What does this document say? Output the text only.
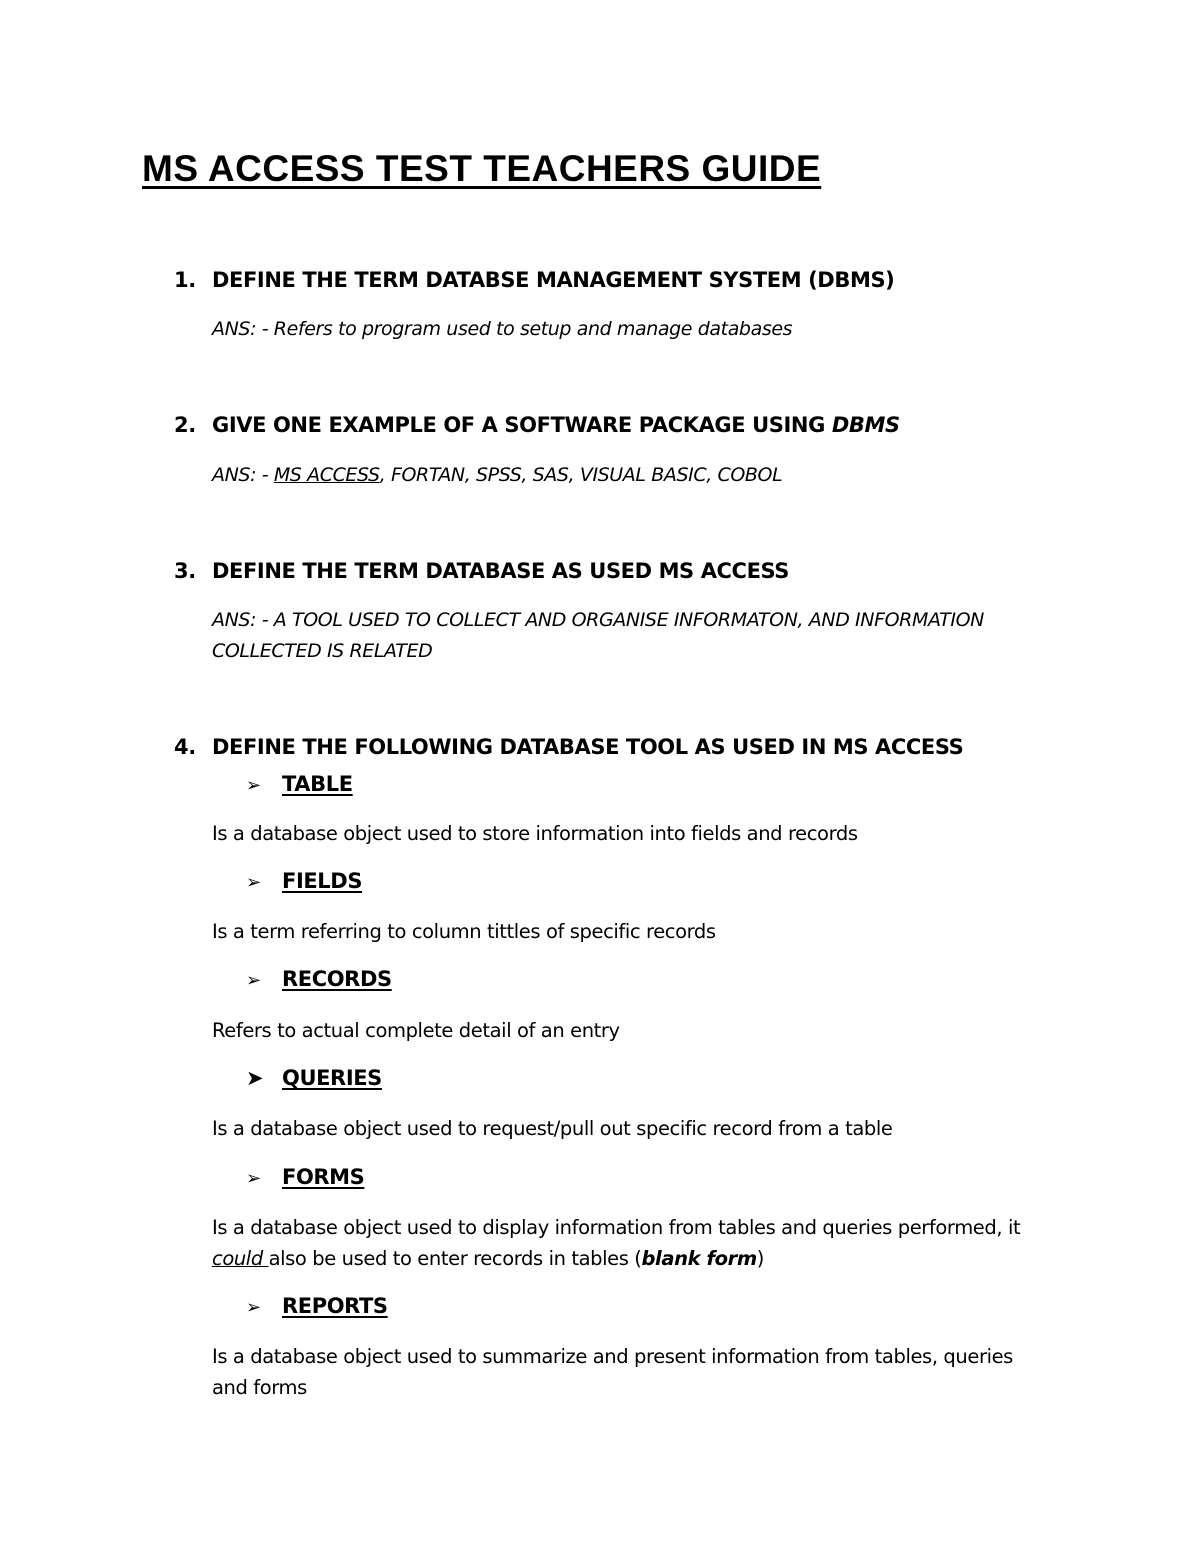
MS ACCESS TEST TEACHERS GUIDE
1. DEFINE THE TERM DATABSE MANAGEMENT SYSTEM (DBMS)
ANS: - Refers to program used to setup and manage databases
2. GIVE ONE EXAMPLE OF A SOFTWARE PACKAGE USING DBMS
ANS: - MS ACCESS, FORTAN, SPSS, SAS, VISUAL BASIC, COBOL
3. DEFINE THE TERM DATABASE AS USED MS ACCESS
ANS: - A TOOL USED TO COLLECT AND ORGANISE INFORMATON, AND INFORMATION COLLECTED IS RELATED
4. DEFINE THE FOLLOWING DATABASE TOOL AS USED IN MS ACCESS
➢ TABLE
Is a database object used to store information into fields and records
➢ FIELDS
Is a term referring to column tittles of specific records
➢ RECORDS
Refers to actual complete detail of an entry
➤ QUERIES
Is a database object used to request/pull out specific record from a table
➢ FORMS
Is a database object used to display information from tables and queries performed, it could also be used to enter records in tables (blank form)
➢ REPORTS
Is a database object used to summarize and present information from tables, queries and forms
